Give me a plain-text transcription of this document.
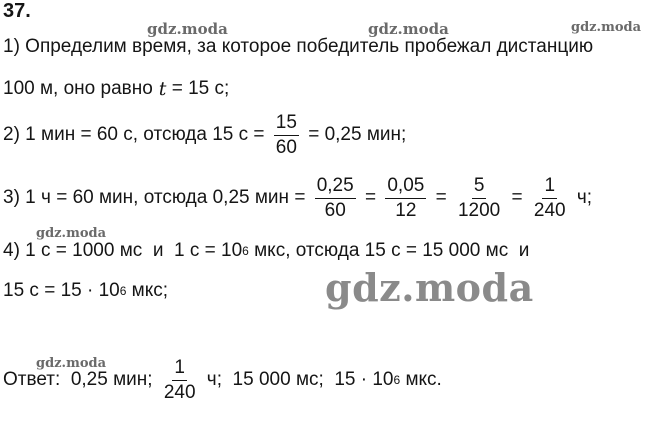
37.
gdz.moda	gdz.moda	gdz.moda
gdz.moda
gdz.moda
gdz.moda
1) Определим время, за которое победитель пробежал дистанцию
100 м, оно равно t = 15 с;
2) 1 мин = 60 с, отсюда 15 $с = \frac{15}{60} = 0,25$ мин;
3) 1 ч = 60 мин, отсюда 0,25 мин = $\frac{0,25}{60} = \frac{0,05}{12} = \frac{5}{1200} = \frac{1}{240} ч$;
4) 1 с = 1000 мс  и  1 с = 10 6 мкс, отсюда 15 с = 15 000 мс  и
15 с = 15 · 10 6 мкс;
Ответ:  0,25 мин; $\frac{1}{240} ч$;  15 000 мс;  15 · 10 6 мкс.
